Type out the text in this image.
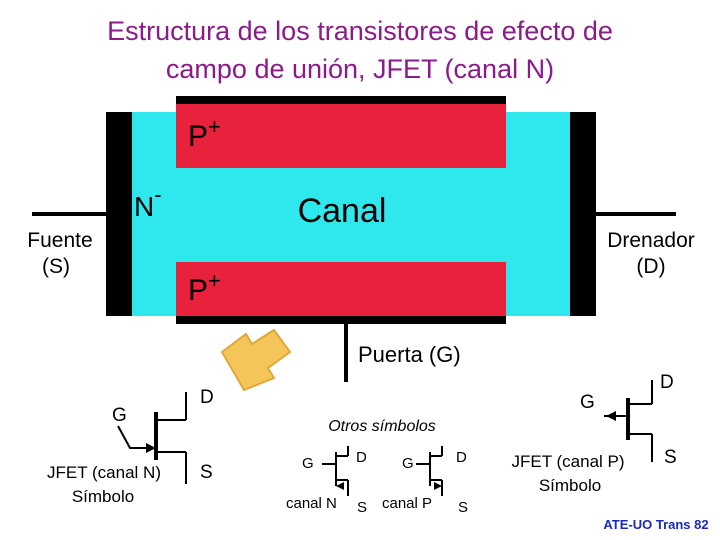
Estructura de los transistores de efecto de
campo de unión, JFET (canal N)
P+
P+
N-	Canal
Fuente
(S)
Drenador
(D)
Puerta (G)
D
G
S
JFET (canal N)
Símbolo
D
G
S
JFET (canal P)
Símbolo
Otros símbolos
G	D
S
canal N
G	D
S
canal P
ATE-UO Trans 82
